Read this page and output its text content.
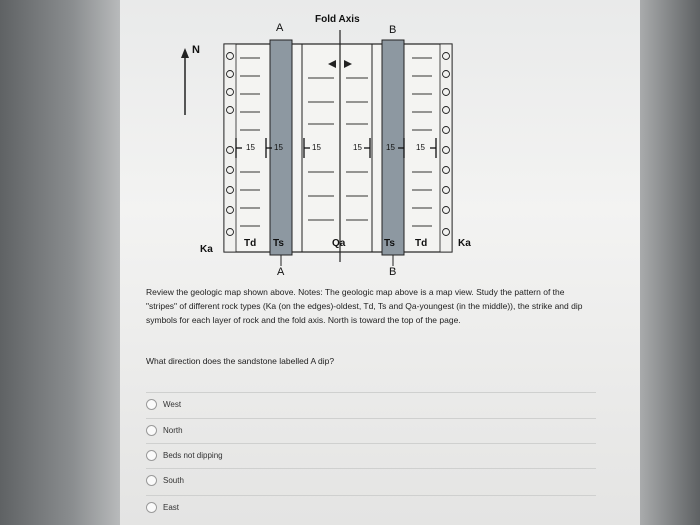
Fold Axis
A	B
N
15 15	15	15	15	15
Ka
Td Ts	Qa	Ts Td	Ka
A	B
Review the geologic map shown above. Notes: The geologic map above is a map view. Study the pattern of the "stripes" of different rock types (Ka (on the edges)-oldest, Td, Ts and Qa-youngest (in the middle)), the strike and dip symbols for each layer of rock and the fold axis. North is toward the top of the page.
What direction does the sandstone labelled A dip?
West
North
Beds not dipping
South
East
